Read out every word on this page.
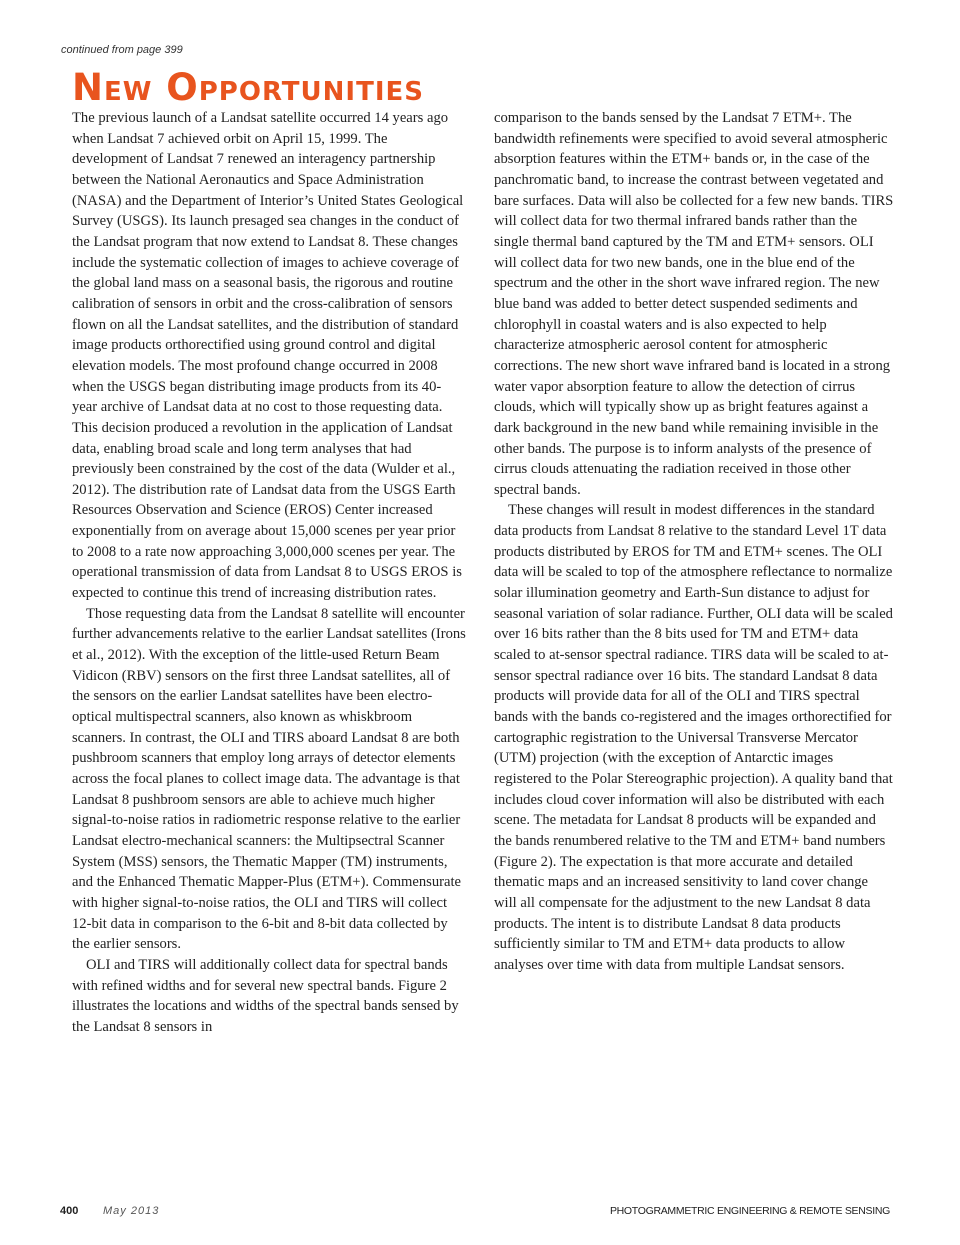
continued from page 399
New Opportunities

The previous launch of a Landsat satellite occurred 14 years ago when Landsat 7 achieved orbit on April 15, 1999. The development of Landsat 7 renewed an interagency partnership between the National Aeronautics and Space Administration (NASA) and the Department of Interior’s United States Geological Survey (USGS). Its launch presaged sea changes in the conduct of the Landsat program that now extend to Landsat 8. These changes include the systematic collection of images to achieve coverage of the global land mass on a seasonal basis, the rigorous and routine calibration of sensors in orbit and the cross-calibration of sensors flown on all the Landsat satellites, and the distribution of standard image products orthorectified using ground control and digital elevation models. The most profound change occurred in 2008 when the USGS began distributing image products from its 40-year archive of Landsat data at no cost to those requesting data. This decision produced a revolution in the application of Landsat data, enabling broad scale and long term analyses that had previously been constrained by the cost of the data (Wulder et al., 2012). The distribution rate of Landsat data from the USGS Earth Resources Observation and Science (EROS) Center increased exponentially from on average about 15,000 scenes per year prior to 2008 to a rate now approaching 3,000,000 scenes per year. The operational transmission of data from Landsat 8 to USGS EROS is expected to continue this trend of increasing distribution rates.

Those requesting data from the Landsat 8 satellite will encounter further advancements relative to the earlier Landsat satellites (Irons et al., 2012). With the exception of the little-used Return Beam Vidicon (RBV) sensors on the first three Landsat satellites, all of the sensors on the earlier Landsat satellites have been electro-optical multispectral scanners, also known as whiskbroom scanners. In contrast, the OLI and TIRS aboard Landsat 8 are both pushbroom scanners that employ long arrays of detector elements across the focal planes to collect image data. The advantage is that Landsat 8 pushbroom sensors are able to achieve much higher signal-to-noise ratios in radiometric response relative to the earlier Landsat electro-mechanical scanners: the Multipsectral Scanner System (MSS) sensors, the Thematic Mapper (TM) instruments, and the Enhanced Thematic Mapper-Plus (ETM+). Commensurate with higher signal-to-noise ratios, the OLI and TIRS will collect 12-bit data in comparison to the 6-bit and 8-bit data collected by the earlier sensors.

OLI and TIRS will additionally collect data for spectral bands with refined widths and for several new spectral bands. Figure 2 illustrates the locations and widths of the spectral bands sensed by the Landsat 8 sensors in

comparison to the bands sensed by the Landsat 7 ETM+. The bandwidth refinements were specified to avoid several atmospheric absorption features within the ETM+ bands or, in the case of the panchromatic band, to increase the contrast between vegetated and bare surfaces. Data will also be collected for a few new bands. TIRS will collect data for two thermal infrared bands rather than the single thermal band captured by the TM and ETM+ sensors. OLI will collect data for two new bands, one in the blue end of the spectrum and the other in the short wave infrared region. The new blue band was added to better detect suspended sediments and chlorophyll in coastal waters and is also expected to help characterize atmospheric aerosol content for atmospheric corrections. The new short wave infrared band is located in a strong water vapor absorption feature to allow the detection of cirrus clouds, which will typically show up as bright features against a dark background in the new band while remaining invisible in the other bands. The purpose is to inform analysts of the presence of cirrus clouds attenuating the radiation received in those other spectral bands.

These changes will result in modest differences in the standard data products from Landsat 8 relative to the standard Level 1T data products distributed by EROS for TM and ETM+ scenes. The OLI data will be scaled to top of the atmosphere reflectance to normalize solar illumination geometry and Earth-Sun distance to adjust for seasonal variation of solar radiance. Further, OLI data will be scaled over 16 bits rather than the 8 bits used for TM and ETM+ data scaled to at-sensor spectral radiance. TIRS data will be scaled to at-sensor spectral radiance over 16 bits. The standard Landsat 8 data products will provide data for all of the OLI and TIRS spectral bands with the bands co-registered and the images orthorectified for cartographic registration to the Universal Transverse Mercator (UTM) projection (with the exception of Antarctic images registered to the Polar Stereographic projection). A quality band that includes cloud cover information will also be distributed with each scene. The metadata for Landsat 8 products will be expanded and the bands renumbered relative to the TM and ETM+ band numbers (Figure 2). The expectation is that more accurate and detailed thematic maps and an increased sensitivity to land cover change will all compensate for the adjustment to the new Landsat 8 data products. The intent is to distribute Landsat 8 data products sufficiently similar to TM and ETM+ data products to allow analyses over time with data from multiple Landsat sensors.

400 May 2013	PHOTOGRAMMETRIC ENGINEERING & REMOTE SENSING
